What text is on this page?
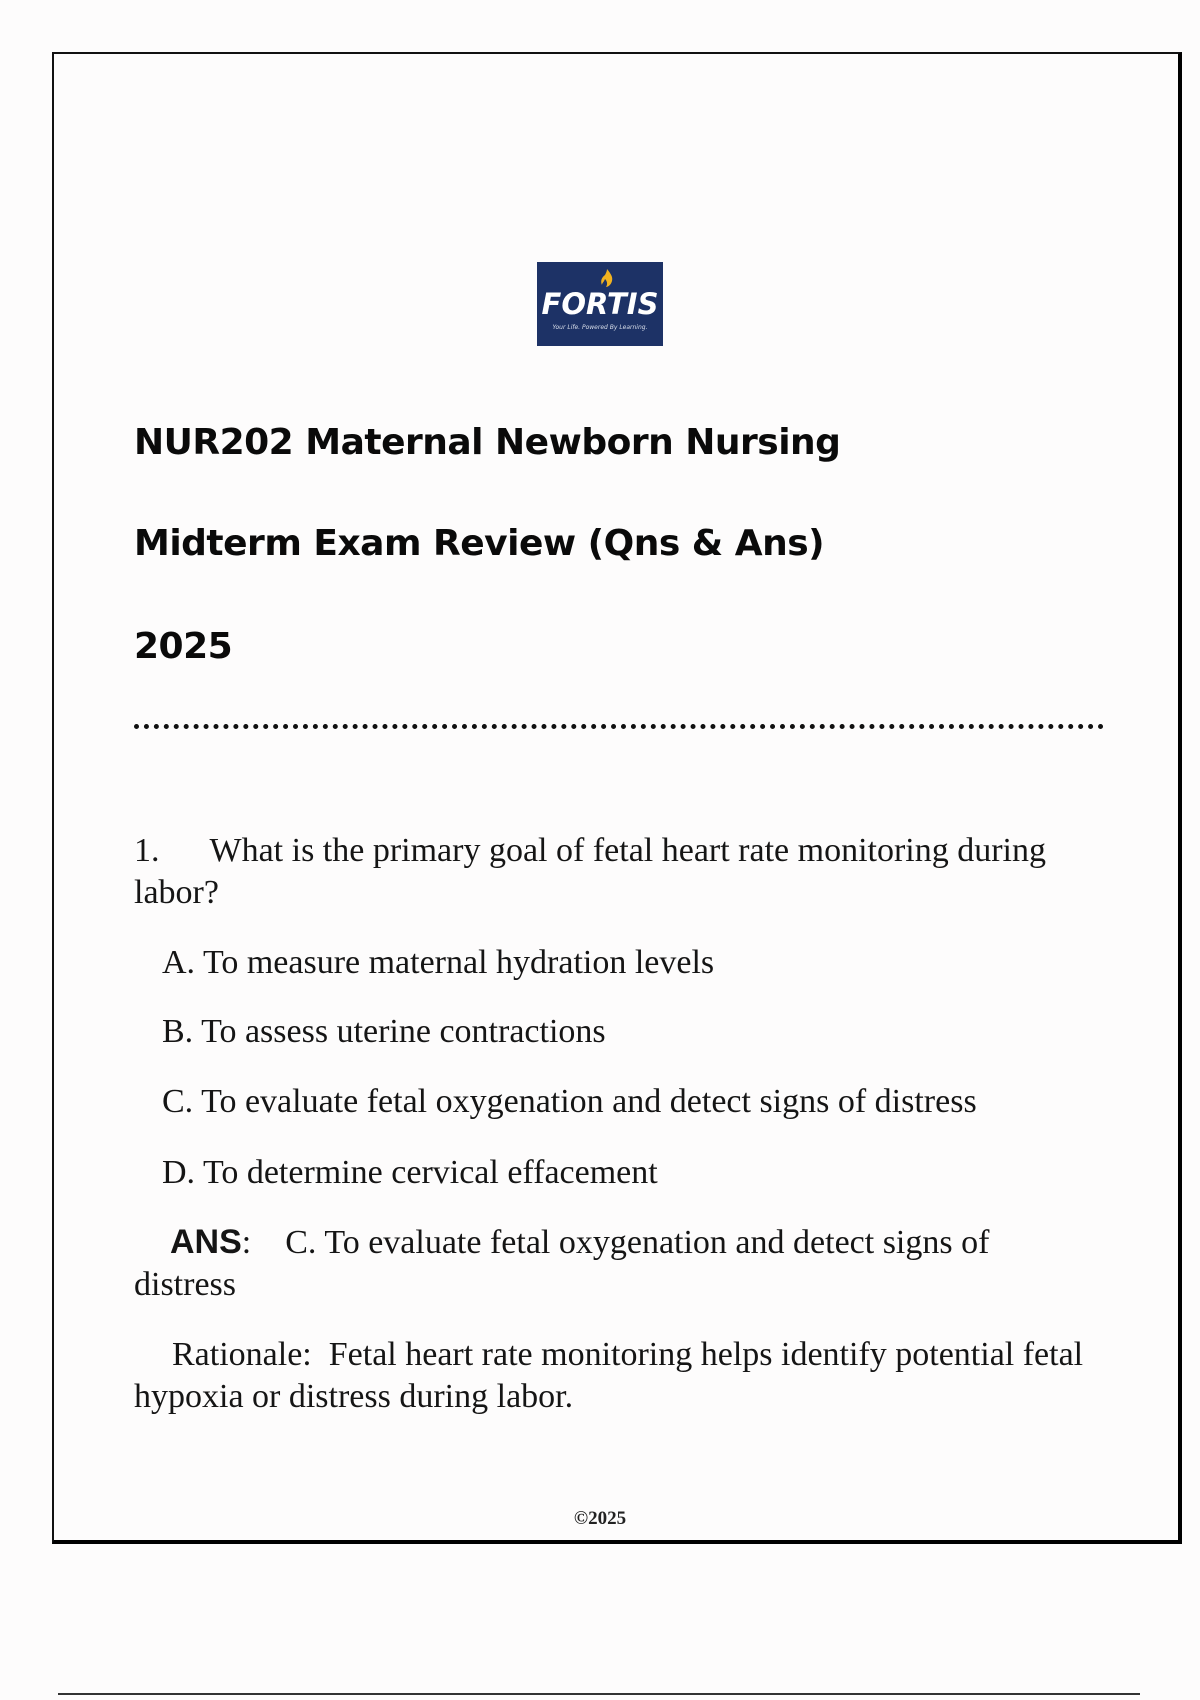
FORTIS
Your Life. Powered By Learning.
NUR202 Maternal Newborn Nursing
Midterm Exam Review (Qns & Ans)
2025
1. What is the primary goal of fetal heart rate monitoring during labor?
A. To measure maternal hydration levels
B. To assess uterine contractions
C. To evaluate fetal oxygenation and detect signs of distress
D. To determine cervical effacement
ANS:    C. To evaluate fetal oxygenation and detect signs of distress
Rationale: Fetal heart rate monitoring helps identify potential fetal hypoxia or distress during labor.
©2025
